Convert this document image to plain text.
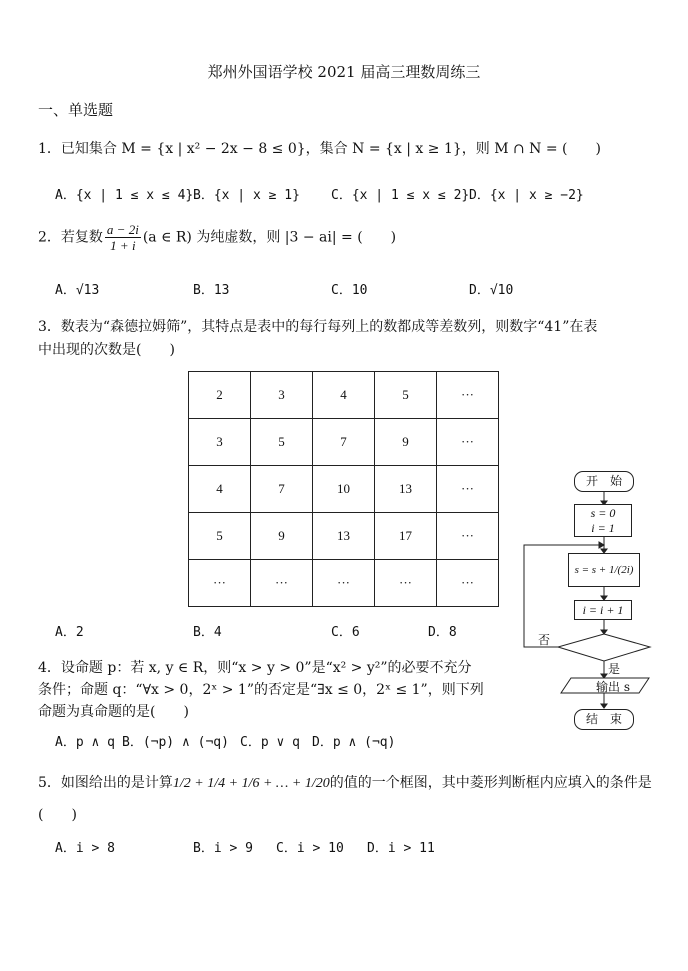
郑州外国语学校 2021 届高三理数周练三
一、单选题
1．已知集合 M = {x | x² − 2x − 8 ≤ 0}，集合 N = {x | x ≥ 1}，则 M ∩ N = (　　)
A．{x | 1 ≤ x ≤ 4} B．{x | x ≥ 1} C．{x | 1 ≤ x ≤ 2} D．{x | x ≥ −2}
2．若复数 $\frac{a - 2i}{1 + i} (a$ ∈ R) 为纯虚数，则 |3 − ai| = (　　)
A．√13	B．13	C．10	D．√10
3．数表为“森德拉姆筛”，其特点是表中的每行每列上的数都成等差数列，则数字“41”在表
中出现的次数是(　　)
2	3	4	5	···
3	5	7	9	···
4	7	10	13	···
5	9	13	17	···
···	···	···	···	···
A．2	B．4	C．6	D．8
4．设命题 p：若 x, y ∈ R，则“x > y > 0”是“x² > y²”的必要不充分
条件；命题 q：“∀x > 0，2ˣ > 1”的否定是“∃x ≤ 0，2ˣ ≤ 1”，则下列
命题为真命题的是(　　)
A．p ∧ q B．(¬p) ∧ (¬q) C．p ∨ q D．p ∧ (¬q)
5．如图给出的是计算1/2 + 1/4 + 1/6 + … + 1/20的值的一个框图，其中菱形判断框内应填入的条件是
(　　)
A．i > 8	B．i > 9 C．i > 10 D．i > 11
开　始
s = 0
i = 1
s = s + 1/(2i)
i = i + 1
否
是
输出 s
结　束
